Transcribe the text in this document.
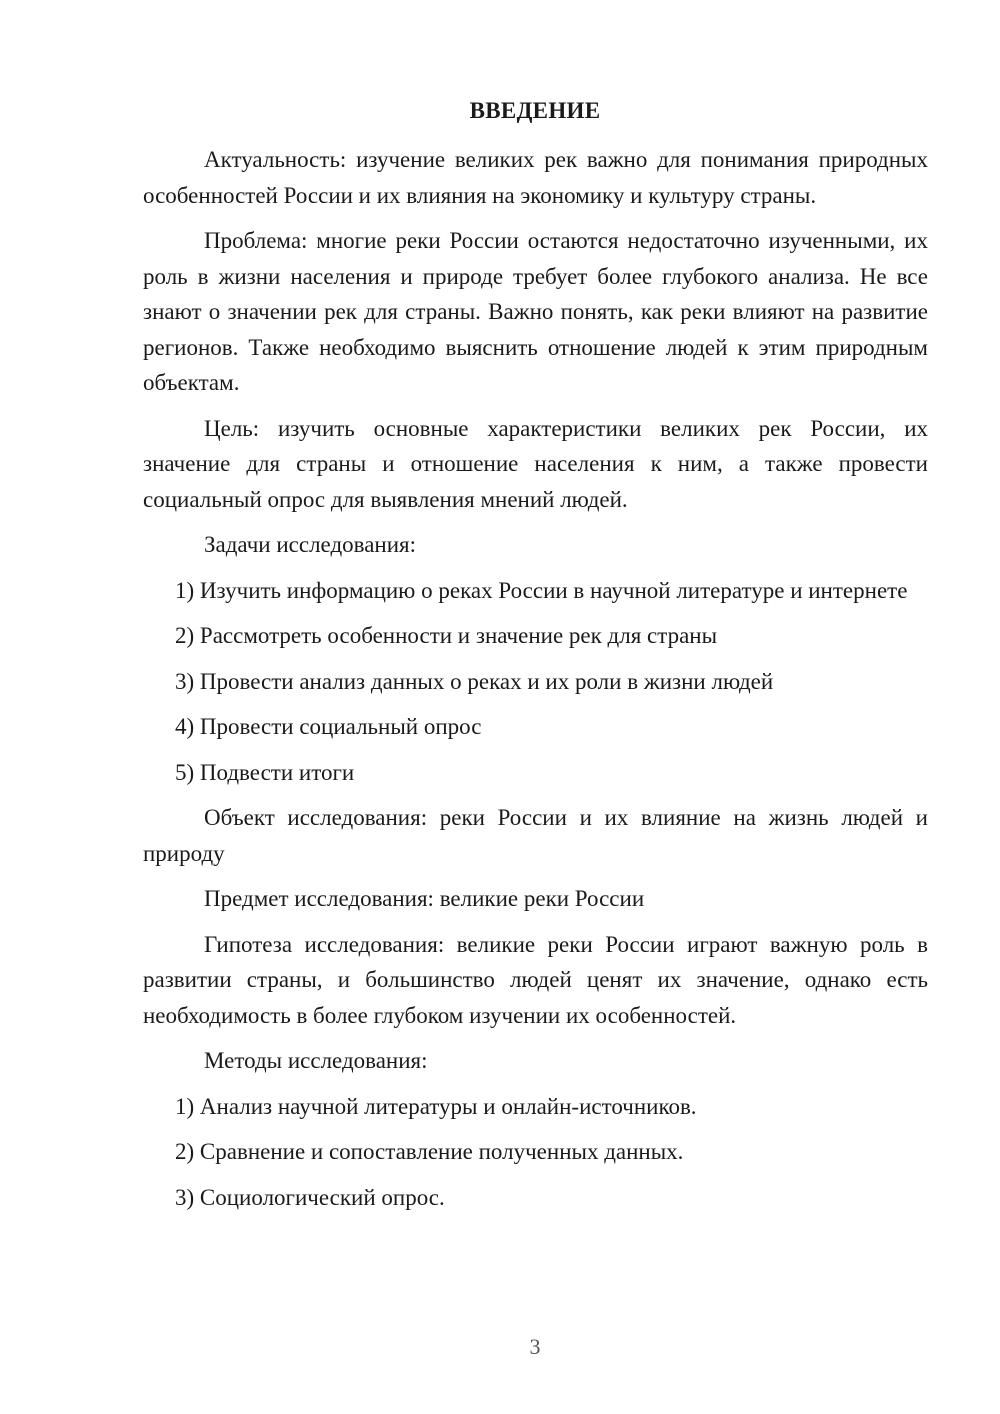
ВВЕДЕНИЕ

Актуальность: изучение великих рек важно для понимания природных особенностей России и их влияния на экономику и культуру страны.

Проблема: многие реки России остаются недостаточно изученными, их роль в жизни населения и природе требует более глубокого анализа. Не все знают о значении рек для страны. Важно понять, как реки влияют на развитие регионов. Также необходимо выяснить отношение людей к этим природным объектам.

Цель: изучить основные характеристики великих рек России, их значение для страны и отношение населения к ним, а также провести социальный опрос для выявления мнений людей.

Задачи исследования:

1) Изучить информацию о реках России в научной литературе и интернете

2) Рассмотреть особенности и значение рек для страны

3) Провести анализ данных о реках и их роли в жизни людей

4) Провести социальный опрос

5) Подвести итоги

Объект исследования: реки России и их влияние на жизнь людей и природу

Предмет исследования: великие реки России

Гипотеза исследования: великие реки России играют важную роль в развитии страны, и большинство людей ценят их значение, однако есть необходимость в более глубоком изучении их особенностей.

Методы исследования:

1) Анализ научной литературы и онлайн-источников.

2) Сравнение и сопоставление полученных данных.

3) Социологический опрос.

3
